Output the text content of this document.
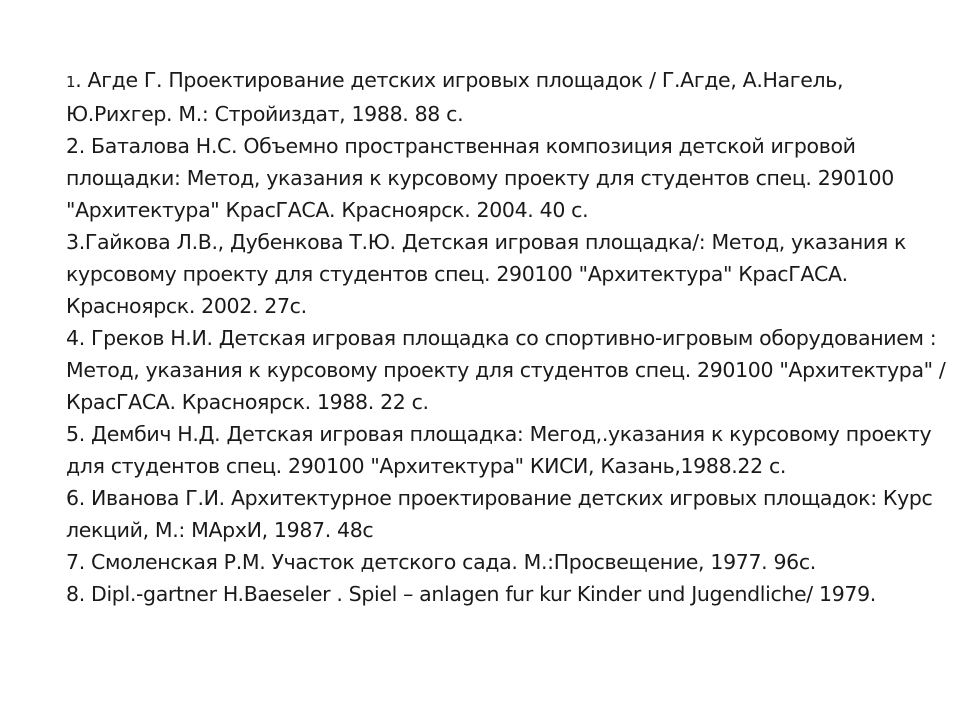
1. Агде Г. Проектирование детских игровых площадок / Г.Агде, А.Нагель, Ю.Рихгер. М.: Стройиздат, 1988. 88 с.
2. Баталова Н.С. Объемно пространственная композиция детской игровой площадки: Метод, указания к курсовому проекту для студентов спец. 290100 "Архитектура" КрасГАСА. Красноярск. 2004. 40 с.
3.Гайкова Л.В., Дубенкова Т.Ю. Детская игровая площадка/: Метод, указания к курсовому проекту для студентов спец. 290100 "Архитектура" КрасГАСА. Красноярск. 2002. 27с.
4. Греков Н.И. Детская игровая площадка со спортивно-игровым оборудованием : Метод, указания к курсовому проекту для студентов спец. 290100 "Архитектура" / КрасГАСА. Красноярск. 1988. 22 с.
5. Дембич Н.Д. Детская игровая площадка: Мегод,.указания к курсовому проекту для студентов спец. 290100 "Архитектура" КИСИ, Казань,1988.22 с.
6. Иванова Г.И. Архитектурное проектирование детских игровых площадок: Курс лекций, М.: МАрхИ, 1987. 48с
7. Смоленская Р.М. Участок детского сада. М.:Просвещение, 1977. 96с.
8. Dipl.-gartner H.Baeseler . Spiel – anlagen fur kur Kinder und Jugendliche/ 1979.
